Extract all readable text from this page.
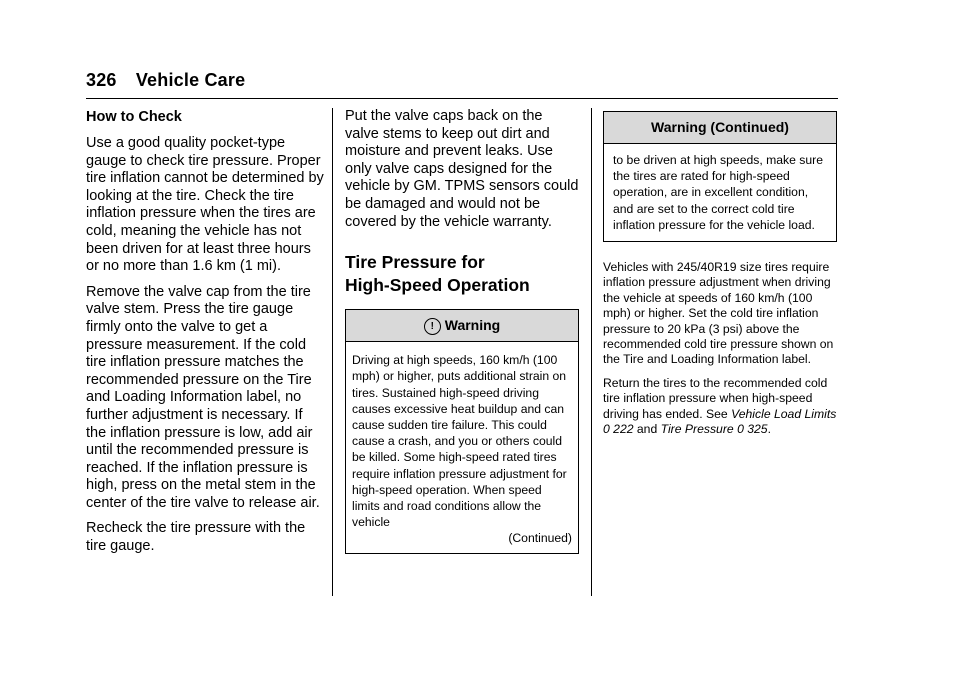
326 Vehicle Care
How to Check

Use a good quality pocket-type gauge to check tire pressure. Proper tire inflation cannot be determined by looking at the tire. Check the tire inflation pressure when the tires are cold, meaning the vehicle has not been driven for at least three hours or no more than 1.6 km (1 mi).

Remove the valve cap from the tire valve stem. Press the tire gauge firmly onto the valve to get a pressure measurement. If the cold tire inflation pressure matches the recommended pressure on the Tire and Loading Information label, no further adjustment is necessary. If the inflation pressure is low, add air until the recommended pressure is reached. If the inflation pressure is high, press on the metal stem in the center of the tire valve to release air.

Recheck the tire pressure with the tire gauge.

Put the valve caps back on the valve stems to keep out dirt and moisture and prevent leaks. Use only valve caps designed for the vehicle by GM. TPMS sensors could be damaged and would not be covered by the vehicle warranty.

Tire Pressure for
High-Speed Operation
! Warning
Driving at high speeds, 160 km/h (100 mph) or higher, puts additional strain on tires. Sustained high-speed driving causes excessive heat buildup and can cause sudden tire failure. This could cause a crash, and you or others could be killed. Some high-speed rated tires require inflation pressure adjustment for high-speed operation. When speed limits and road conditions allow the vehicle
(Continued)
Warning (Continued)
to be driven at high speeds, make sure the tires are rated for high-speed operation, are in excellent condition, and are set to the correct cold tire inflation pressure for the vehicle load.

Vehicles with 245/40R19 size tires require inflation pressure adjustment when driving the vehicle at speeds of 160 km/h (100 mph) or higher. Set the cold tire inflation pressure to 20 kPa (3 psi) above the recommended cold tire pressure shown on the Tire and Loading Information label.

Return the tires to the recommended cold tire inflation pressure when high-speed driving has ended. See Vehicle Load Limits 0 222 and Tire Pressure 0 325.
